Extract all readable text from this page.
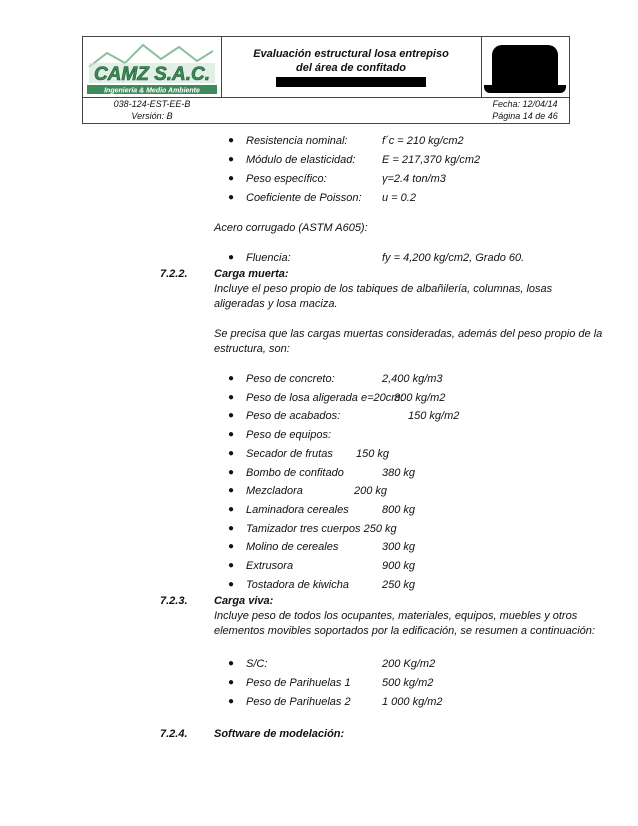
CAMZ S.A.C.
Ingeniería & Medio Ambiente
Evaluación estructural losa entrepiso
del área de confitado
038-124-EST-EE-B
Versión: B
Fecha: 12/04/14
Página 14 de 46
● Resistencia nominal:	f´c = 210 kg/cm2
● Módulo de elasticidad: E = 217,370 kg/cm2
● Peso específico:	γ=2.4 ton/m3
● Coeficiente de Poisson: u = 0.2
Acero corrugado (ASTM A605):
● Fluencia:	fy = 4,200 kg/cm2, Grado 60.
7.2.2. Carga muerta:
Incluye el peso propio de los tabiques de albañilería, columnas, losas
aligeradas y losa maciza.
Se precisa que las cargas muertas consideradas, además del peso propio de la
estructura, son:
● Peso de concreto:	2,400 kg/m3
● Peso de losa aligerada e=20cm:
300 kg/m2
● Peso de acabados:	150 kg/m2
● Peso de equipos:
● Secador de frutas 150 kg
● Bombo de confitado	380 kg
● Mezcladora	200 kg
● Laminadora cereales	800 kg
● Tamizador tres cuerpos 250 kg
● Molino de cereales	300 kg
● Extrusora	900 kg
● Tostadora de kiwicha	250 kg
7.2.3. Carga viva:
Incluye peso de todos los ocupantes, materiales, equipos, muebles y otros
elementos movibles soportados por la edificación, se resumen a continuación:
● S/C:	200 Kg/m2
● Peso de Parihuelas 1	500 kg/m2
● Peso de Parihuelas 2	1 000 kg/m2
7.2.4. Software de modelación:
